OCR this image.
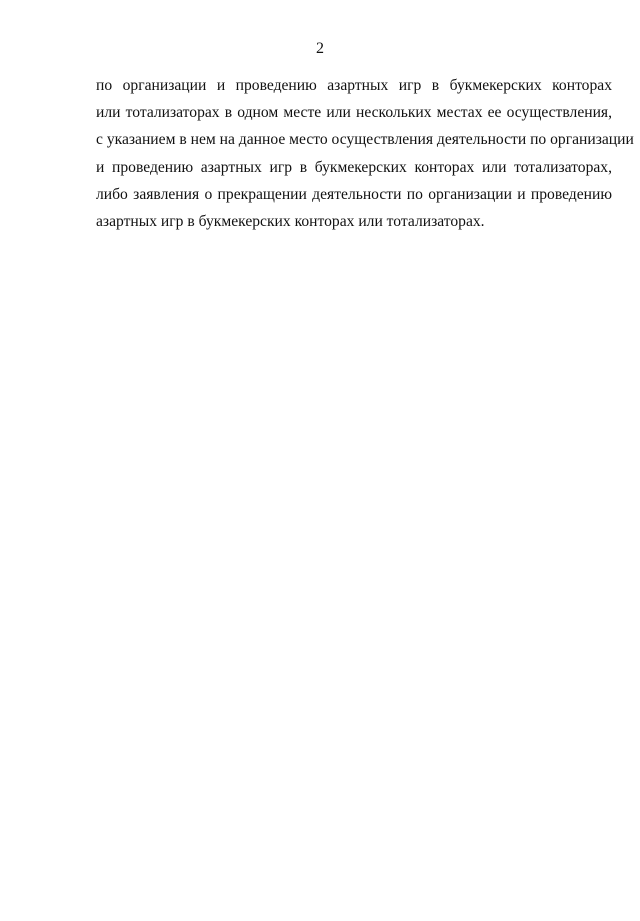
2
по организации и проведению азартных игр в букмекерских конторах
или тотализаторах в одном месте или нескольких местах ее осуществления,
с указанием в нем на данное место осуществления деятельности по организации
и проведению азартных игр в букмекерских конторах или тотализаторах,
либо заявления о прекращении деятельности по организации и проведению
азартных игр в букмекерских конторах или тотализаторах.
